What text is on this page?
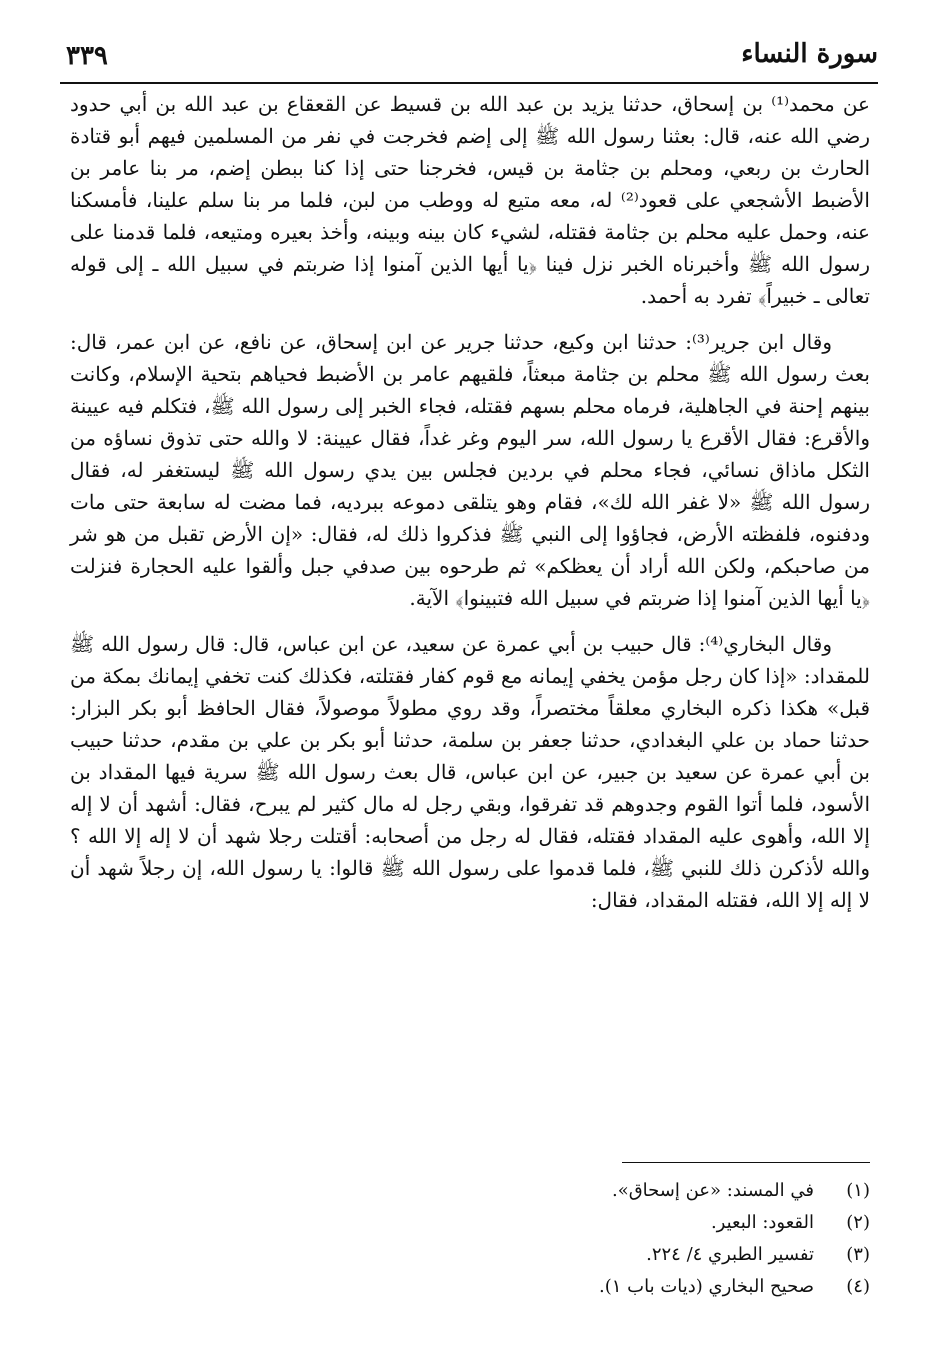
سورة النساء
٣٣٩

عن محمد⁽¹⁾ بن إسحاق، حدثنا يزيد بن عبد الله بن قسيط عن القعقاع بن عبد الله بن أبي حدود رضي الله عنه، قال: بعثنا رسول الله ﷺ إلى إضم فخرجت في نفر من المسلمين فيهم أبو قتادة الحارث بن ربعي، ومحلم بن جثامة بن قيس، فخرجنا حتى إذا كنا ببطن إضم، مر بنا عامر بن الأضبط الأشجعي على قعود⁽²⁾ له، معه متيع له ووطب من لبن، فلما مر بنا سلم علينا، فأمسكنا عنه، وحمل عليه محلم بن جثامة فقتله، لشيء كان بينه وبينه، وأخذ بعيره ومتيعه، فلما قدمنا على رسول الله ﷺ وأخبرناه الخبر نزل فينا ﴿يا أيها الذين آمنوا إذا ضربتم في سبيل الله ـ إلى قوله تعالى ـ خبيراً﴾ تفرد به أحمد.

وقال ابن جرير⁽³⁾: حدثنا ابن وكيع، حدثنا جرير عن ابن إسحاق، عن نافع، عن ابن عمر، قال: بعث رسول الله ﷺ محلم بن جثامة مبعثاً، فلقيهم عامر بن الأضبط فحياهم بتحية الإسلام، وكانت بينهم إحنة في الجاهلية، فرماه محلم بسهم فقتله، فجاء الخبر إلى رسول الله ﷺ، فتكلم فيه عيينة والأقرع: فقال الأقرع يا رسول الله، سر اليوم وغر غداً، فقال عيينة: لا والله حتى تذوق نساؤه من الثكل ماذاق نسائي، فجاء محلم في بردين فجلس بين يدي رسول الله ﷺ ليستغفر له، فقال رسول الله ﷺ «لا غفر الله لك»، فقام وهو يتلقى دموعه ببرديه، فما مضت له سابعة حتى مات ودفنوه، فلفظته الأرض، فجاؤوا إلى النبي ﷺ فذكروا ذلك له، فقال: «إن الأرض تقبل من هو شر من صاحبكم، ولكن الله أراد أن يعظكم» ثم طرحوه بين صدفي جبل وألقوا عليه الحجارة فنزلت ﴿يا أيها الذين آمنوا إذا ضربتم في سبيل الله فتبينوا﴾ الآية.

وقال البخاري⁽⁴⁾: قال حبيب بن أبي عمرة عن سعيد، عن ابن عباس، قال: قال رسول الله ﷺ للمقداد: «إذا كان رجل مؤمن يخفي إيمانه مع قوم كفار فقتلته، فكذلك كنت تخفي إيمانك بمكة من قبل» هكذا ذكره البخاري معلقاً مختصراً، وقد روي مطولاً موصولاً، فقال الحافظ أبو بكر البزار: حدثنا حماد بن علي البغدادي، حدثنا جعفر بن سلمة، حدثنا أبو بكر بن علي بن مقدم، حدثنا حبيب بن أبي عمرة عن سعيد بن جبير، عن ابن عباس، قال بعث رسول الله ﷺ سرية فيها المقداد بن الأسود، فلما أتوا القوم وجدوهم قد تفرقوا، وبقي رجل له مال كثير لم يبرح، فقال: أشهد أن لا إله إلا الله، وأهوى عليه المقداد فقتله، فقال له رجل من أصحابه: أقتلت رجلا شهد أن لا إله إلا الله ؟ والله لأذكرن ذلك للنبي ﷺ، فلما قدموا على رسول الله ﷺ قالوا: يا رسول الله، إن رجلاً شهد أن لا إله إلا الله، فقتله المقداد، فقال:

(١)
في المسند: «عن إسحاق».
(٢)
القعود: البعير.
(٣)
تفسير الطبري ٤/ ٢٢٤.
(٤)
صحيح البخاري (ديات باب ١).
